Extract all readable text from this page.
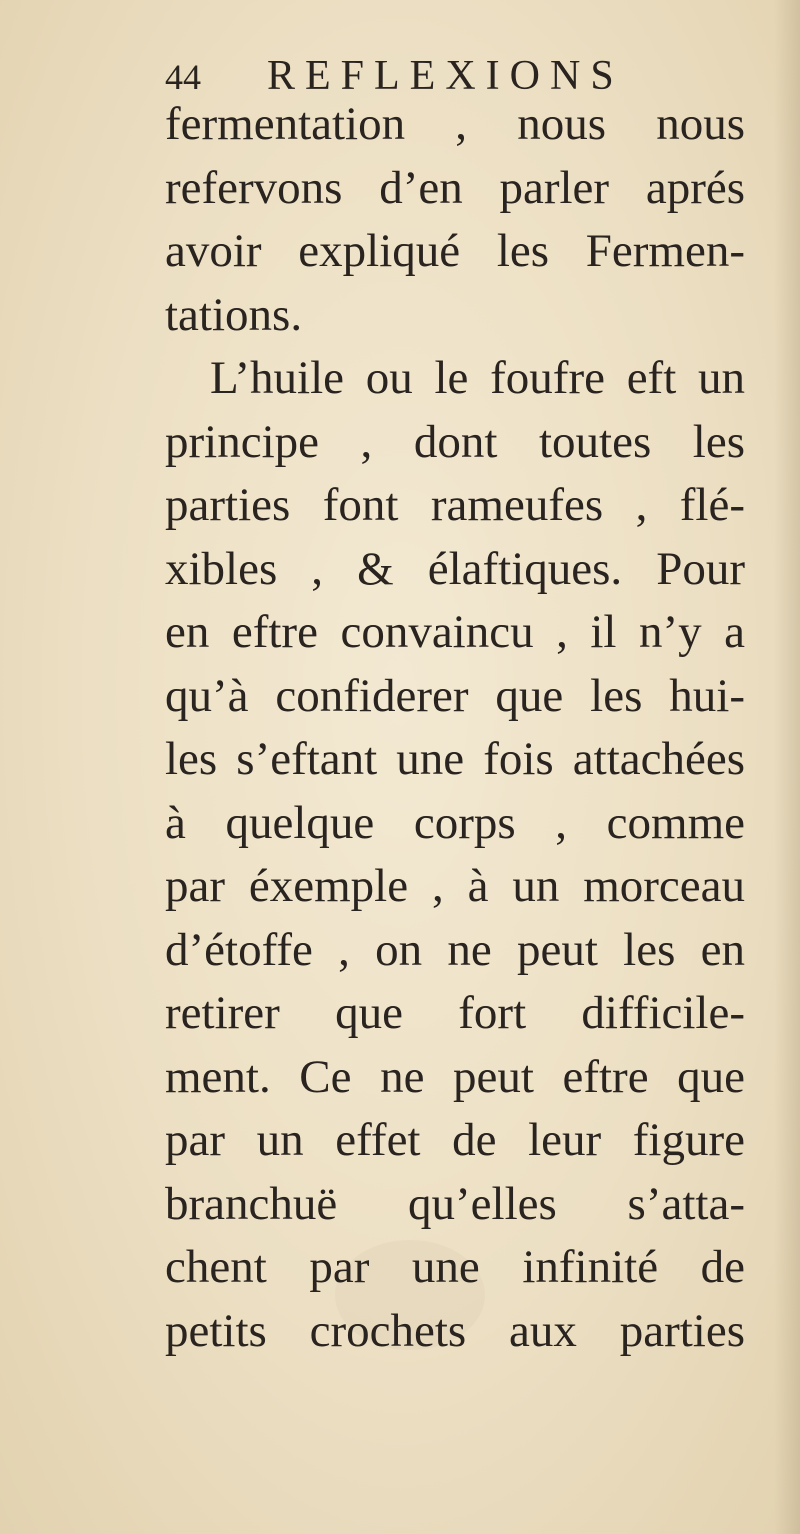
44 REFLEXIONS
fermentation , nous nous
refervons d’en parler aprés
avoir expliqué les Fermen-
tations.
L’huile ou le foufre eft un
principe , dont toutes les
parties font rameufes , flé-
xibles , & élaftiques. Pour
en eftre convaincu , il n’y a
qu’à confiderer que les hui-
les s’eftant une fois attachées
à quelque corps , comme
par éxemple , à un morceau
d’étoffe , on ne peut les en
retirer que fort difficile-
ment. Ce ne peut eftre que
par un effet de leur figure
branchuë qu’elles s’atta-
chent par une infinité de
petits crochets aux parties
